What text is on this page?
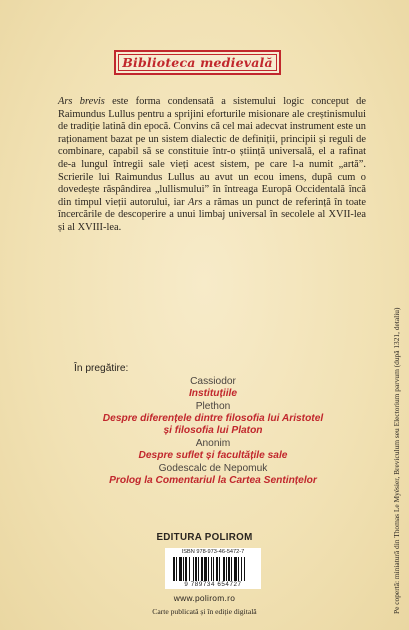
Biblioteca medievală

Ars brevis este forma condensată a sistemului logic conceput de Raimundus Lullus pentru a sprijini eforturile misionare ale creștinismului de tradiție latină din epocă. Convins că cel mai adecvat instrument este un raționament bazat pe un sistem dialectic de definiții, principii și reguli de combinare, capabil să se constituie într-o știință universală, el a rafinat de-a lungul întregii sale vieți acest sistem, pe care l-a numit „artă”. Scrierile lui Raimundus Lullus au avut un ecou imens, după cum o dovedește răspândirea „lullismului” în întreaga Europă Occidentală încă din timpul vieții autorului, iar Ars a rămas un punct de referință în toate încercările de descoperire a unui limbaj universal în secolele al XVII-lea și al XVIII-lea.

În pregătire:
Cassiodor
Instituțiile
Plethon
Despre diferențele dintre filosofia lui Aristotel și filosofia lui Platon
Anonim
Despre suflet și facultățile sale
Godescalc de Nepomuk
Prolog la Comentariul la Cartea Sentințelor
EDITURA POLIROM
ISBN 978-973-46-5472-7
9 789734 654727
www.polirom.ro
Carte publicată și în ediție digitală	Pe copertă: miniatură din Thomas Le Myésier, Breviculum seu Electorium parvum (după 1321, detaliu)
